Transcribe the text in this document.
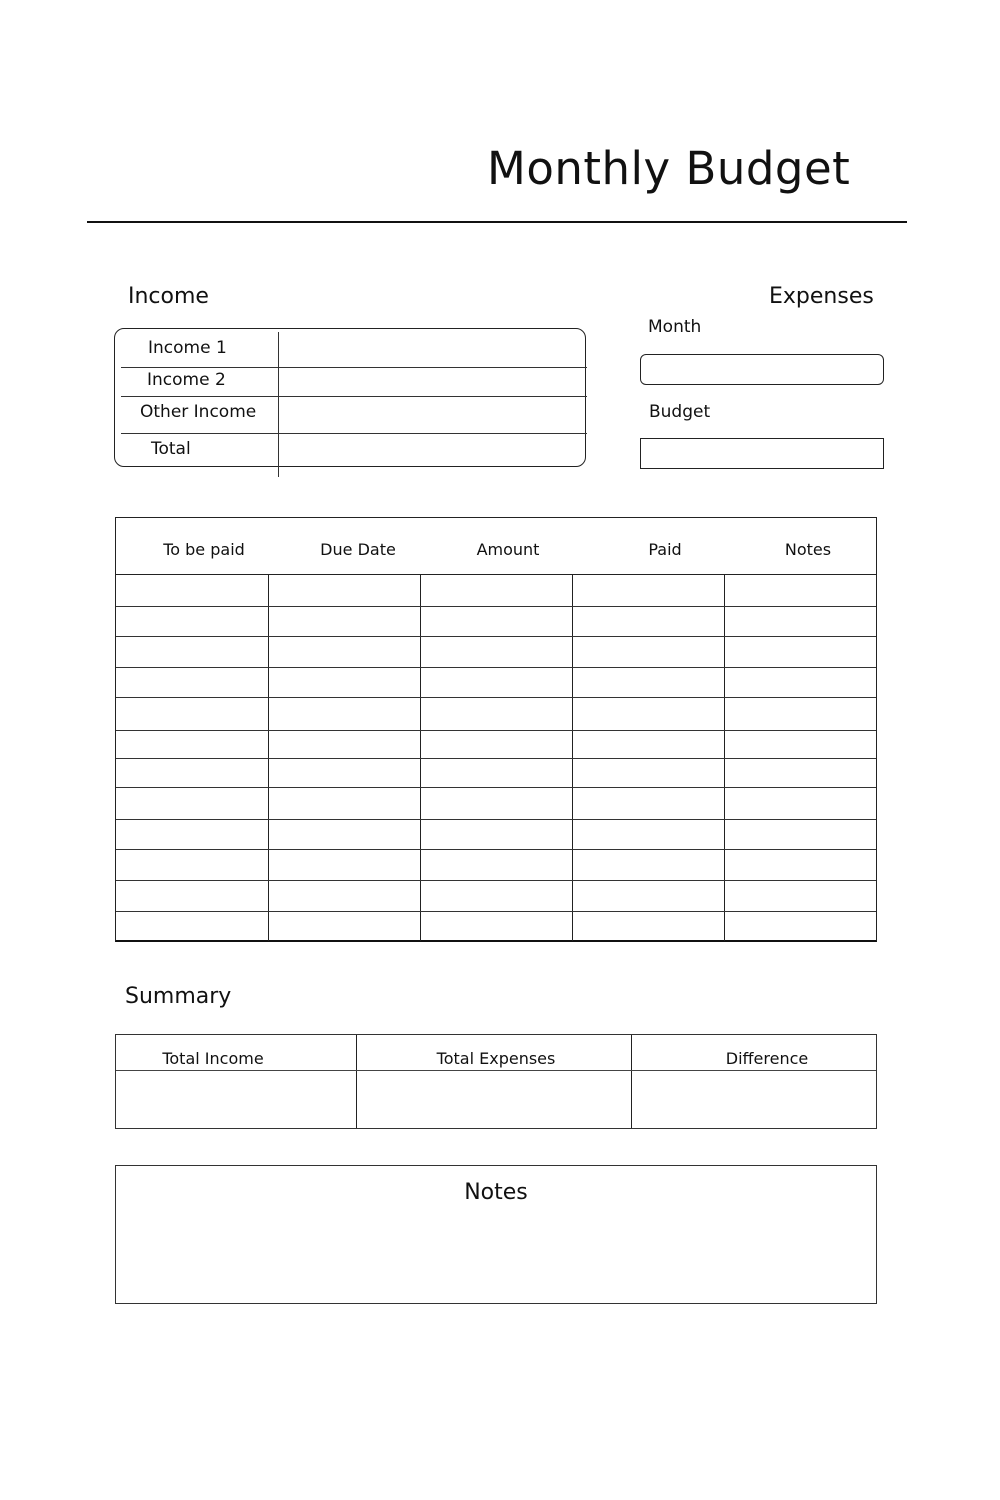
Monthly Budget
Income
Income 1
Income 2
Other Income
Total
Expenses
Month
Budget
To be paid	Due Date	Amount	Paid	Notes
Summary
Total Income	Total Expenses	Difference
Notes
